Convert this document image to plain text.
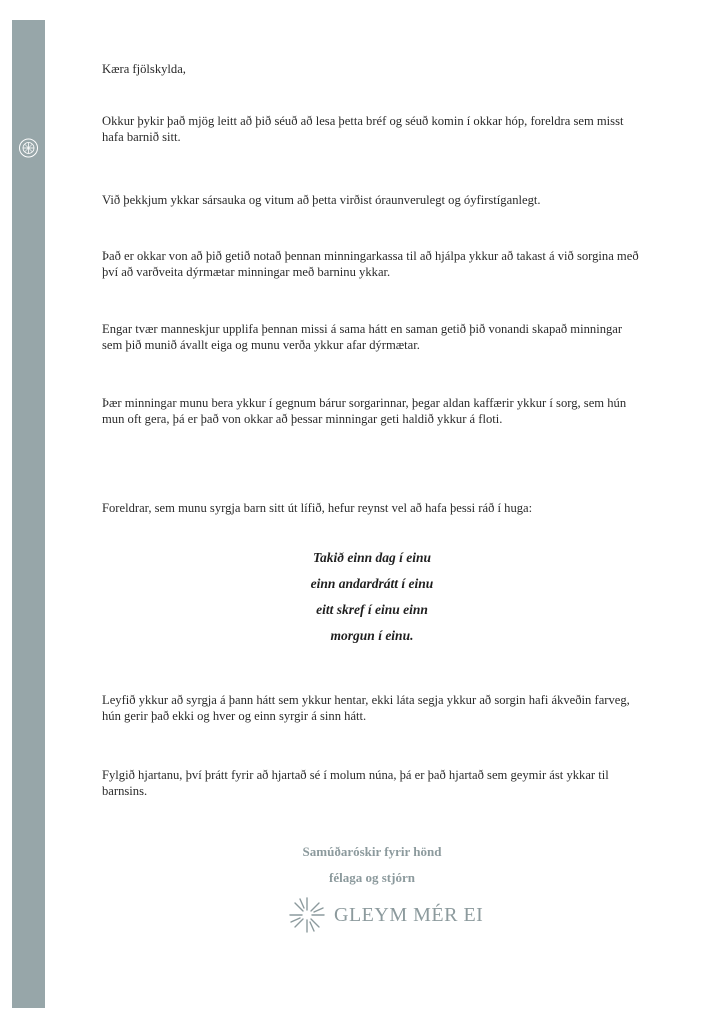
Kæra fjölskylda,

Okkur þykir það mjög leitt að þið séuð að lesa þetta bréf og séuð komin í okkar hóp, foreldra sem misst hafa barnið sitt.

Við þekkjum ykkar sársauka og vitum að þetta virðist óraunverulegt og óyfirstíganlegt.

Það er okkar von að þið getið notað þennan minningarkassa til að hjálpa ykkur að takast á við sorgina með því að varðveita dýrmætar minningar með barninu ykkar.

Engar tvær manneskjur upplifa þennan missi á sama hátt en saman getið þið vonandi skapað minningar sem þið munið ávallt eiga og munu verða ykkur afar dýrmætar.

Þær minningar munu bera ykkur í gegnum bárur sorgarinnar, þegar aldan kaffærir ykkur í sorg, sem hún mun oft gera, þá er það von okkar að þessar minningar geti haldið ykkur á floti.

Foreldrar, sem munu syrgja barn sitt út lífið, hefur reynst vel að hafa þessi ráð í huga:

Takið einn dag í einu
einn andardrátt í einu
eitt skref í einu einn
morgun í einu.

Leyfið ykkur að syrgja á þann hátt sem ykkur hentar, ekki láta segja ykkur að sorgin hafi ákveðin farveg, hún gerir það ekki og hver og einn syrgir á sinn hátt.

Fylgið hjartanu, því þrátt fyrir að hjartað sé í molum núna, þá er það hjartað sem geymir ást ykkar til barnsins.

Samúðaróskir fyrir hönd
félaga og stjórn
GLEYM MÉR EI
